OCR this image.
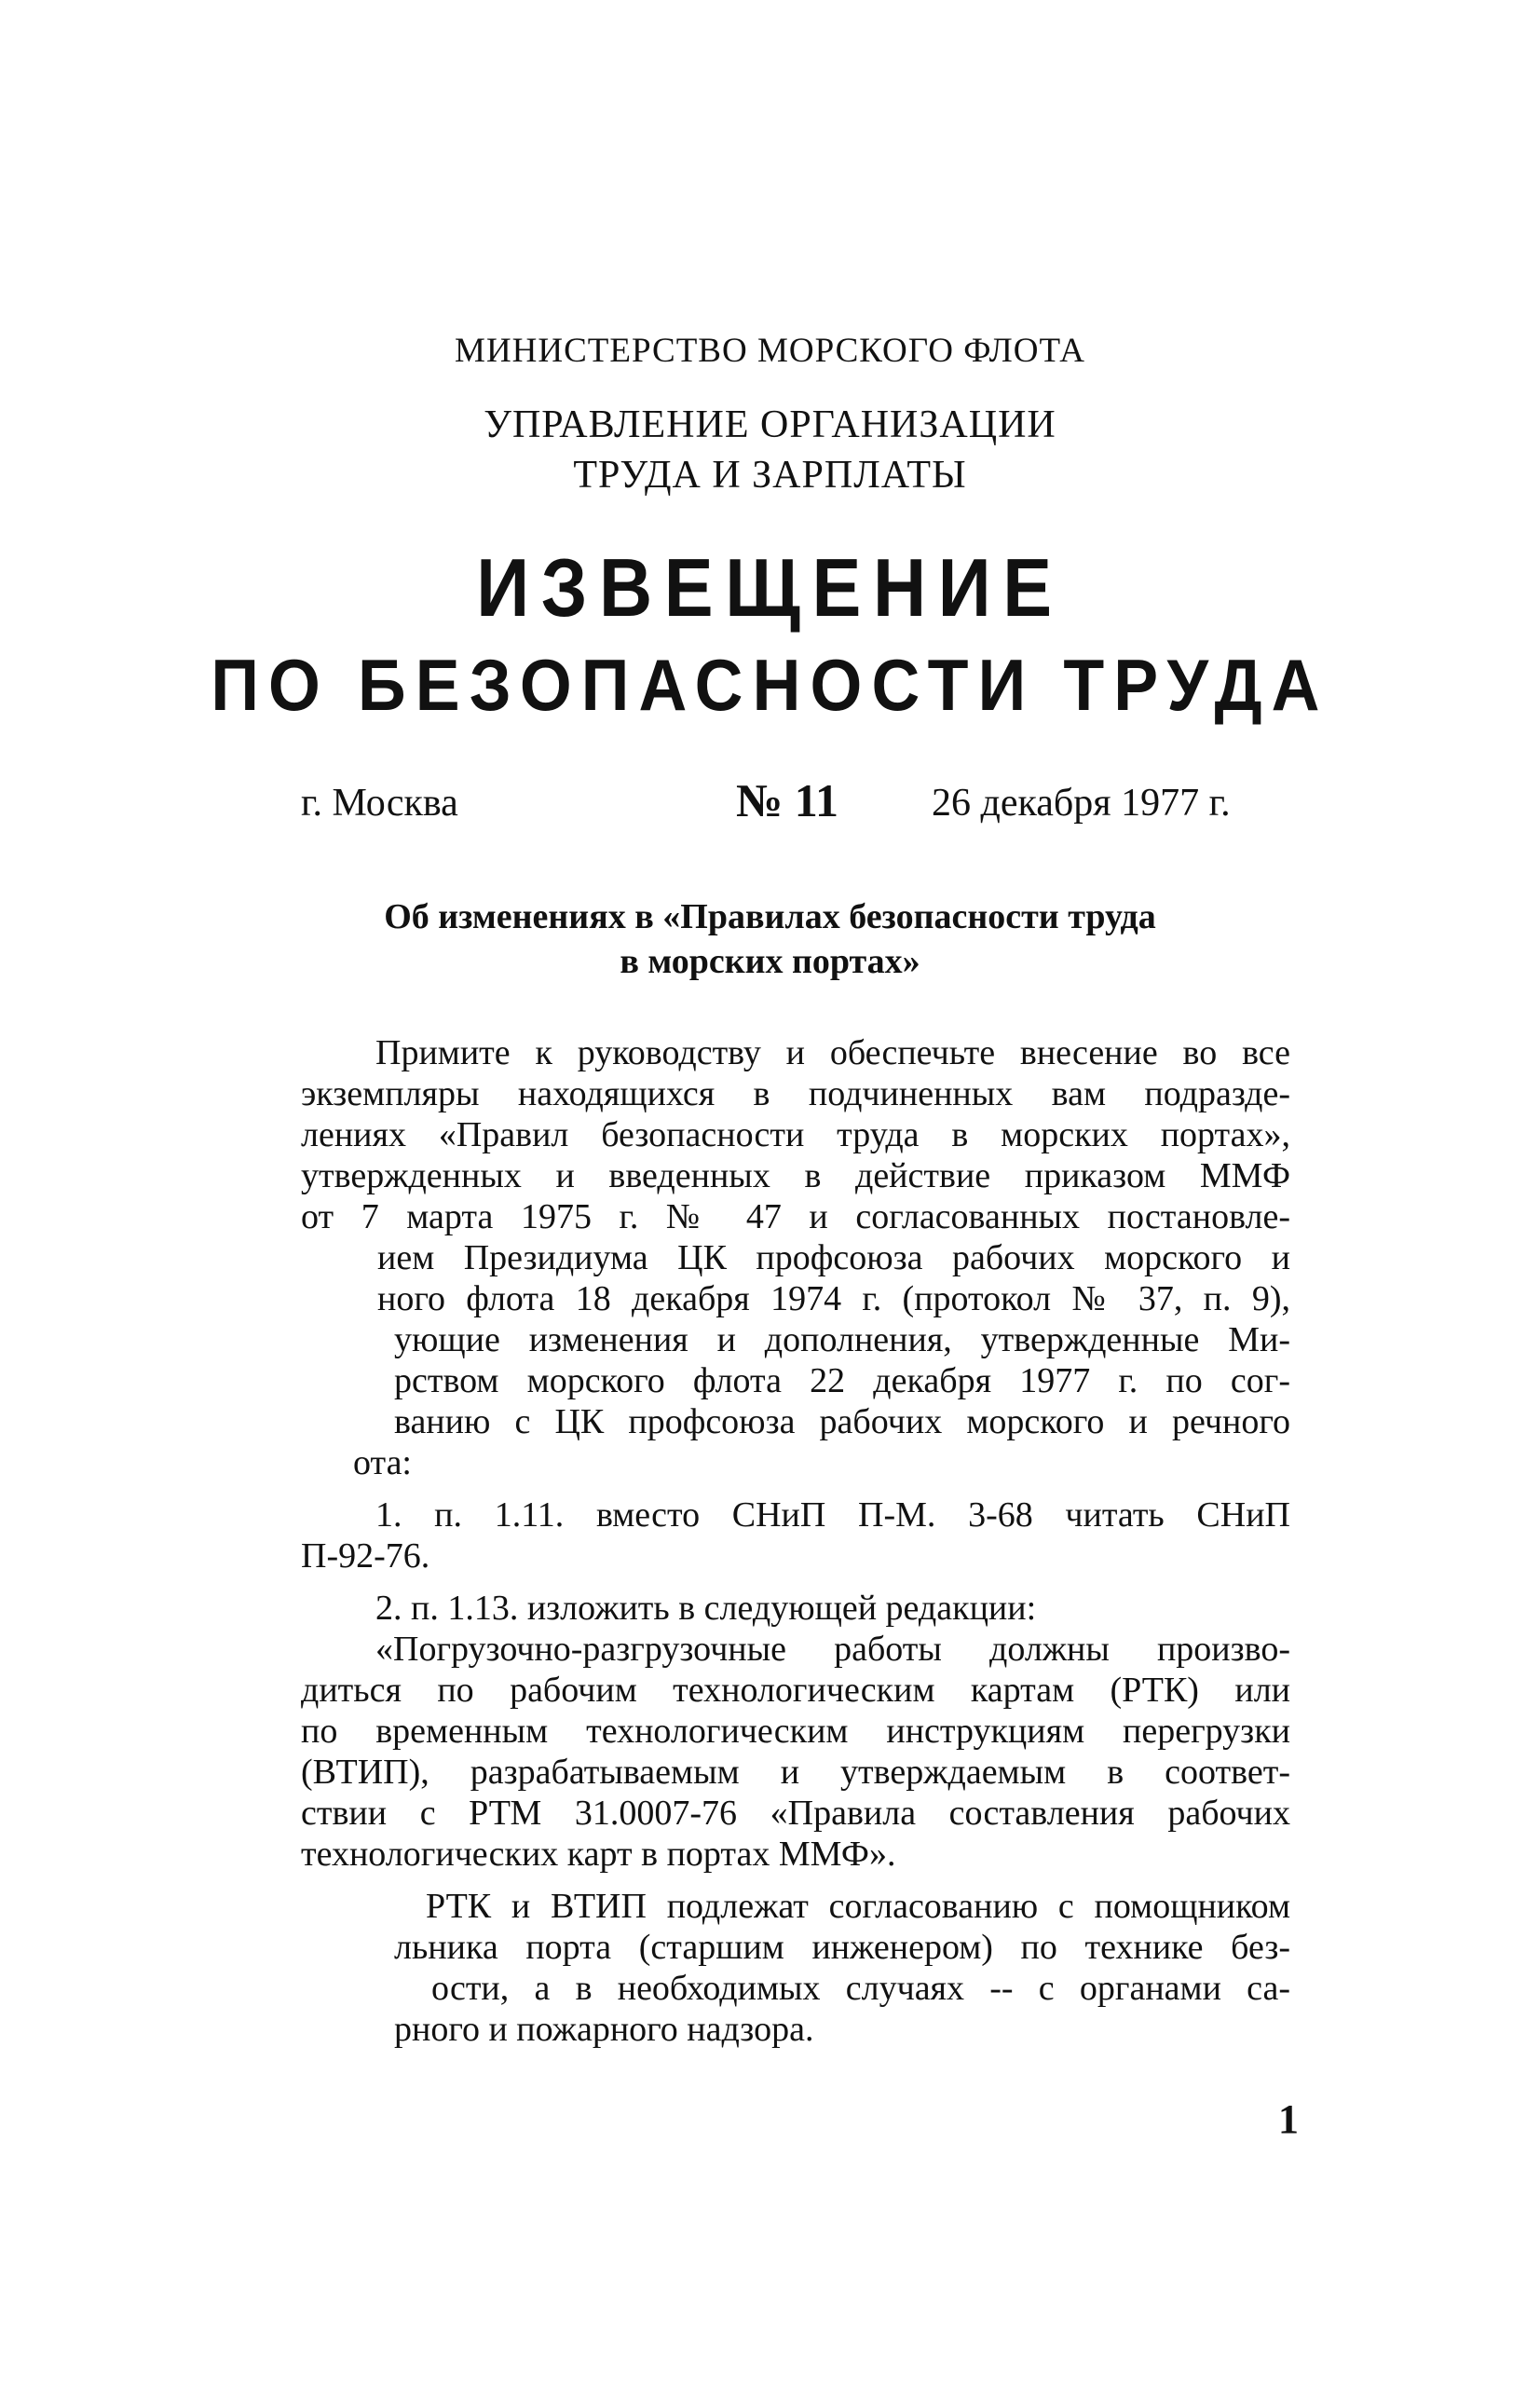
МИНИСТЕРСТВО МОРСКОГО ФЛОТА
УПРАВЛЕНИЕ ОРГАНИЗАЦИИ
ТРУДА И ЗАРПЛАТЫ
ИЗВЕЩЕНИЕ
ПО БЕЗОПАСНОСТИ ТРУДА
г. Москва	№ 11 26 декабря 1977 г.
Об изменениях в «Правилах безопасности труда
в морских портах»
Примите к руководству и обеспечьте внесение во все
экземпляры находящихся в подчиненных вам подразде-
лениях «Правил безопасности труда в морских портах»,
утвержденных и введенных в действие приказом ММФ
от 7 марта 1975 г. № 47 и согласованных постановле-
ием Президиума ЦК профсоюза рабочих морского и
ного флота 18 декабря 1974 г. (протокол № 37, п. 9),
ующие изменения и дополнения, утвержденные Ми-
рством морского флота 22 декабря 1977 г. по сог-
ванию с ЦК профсоюза рабочих морского и речного
ота:
1. п. 1.11. вместо СНиП П-М. 3-68 читать СНиП
П-92-76.
2. п. 1.13. изложить в следующей редакции:
«Погрузочно-разгрузочные работы должны произво-
диться по рабочим технологическим картам (РТК) или
по временным технологическим инструкциям перегрузки
(ВТИП), разрабатываемым и утверждаемым в соответ-
ствии с РТМ 31.0007-76 «Правила составления рабочих
технологических карт в портах ММФ».
РТК и ВТИП подлежат согласованию с помощником
льника порта (старшим инженером) по технике без-
ости, а в необходимых случаях -- с органами са-
рного и пожарного надзора.
1
